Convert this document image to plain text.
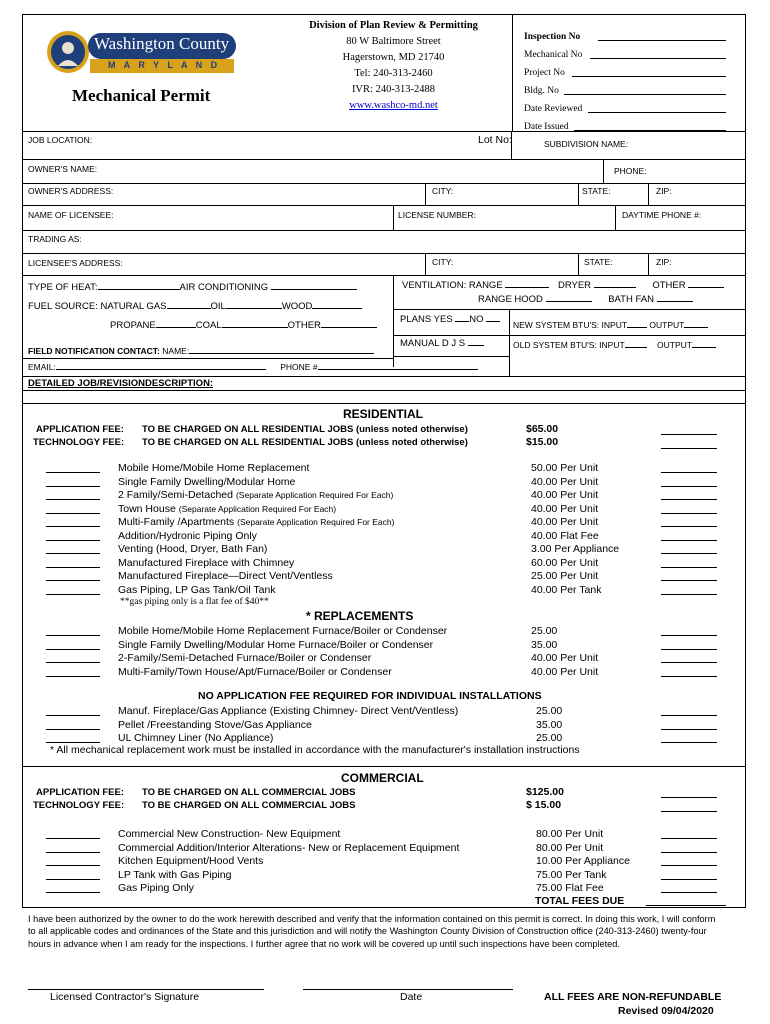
Washington County
M A R Y L A N D
Mechanical Permit
Division of Plan Review & Permitting
80 W Baltimore Street
Hagerstown, MD 21740
Tel: 240-313-2460
IVR: 240-313-2488
www.washco-md.net
Inspection No
Mechanical No
Project No
Bldg. No
Date Reviewed
Date Issued
JOB LOCATION:	Lot No:	SUBDIVISION NAME:
OWNER'S NAME:	PHONE:
OWNER'S ADDRESS:	CITY:	STATE:	ZIP:
NAME OF LICENSEE:	LICENSE NUMBER:	DAYTIME PHONE #:
TRADING AS:
LICENSEE'S ADDRESS:	CITY:	STATE:	ZIP:
TYPE OF HEAT:	AIR CONDITIONING
FUEL SOURCE: NATURAL GAS	OIL	WOOD
PROPANE	COAL	OTHER
VENTILATION: RANGE	DRYER	OTHER
RANGE HOOD	BATH FAN
PLANS YES NO	NEW SYSTEM BTU'S: INPUT	OUTPUT
MANUAL D J S	OLD SYSTEM BTU'S: INPUT	OUTPUT
FIELD NOTIFICATION CONTACT: NAME:
EMAIL:	PHONE #
DETAILED JOB/REVISIONDESCRIPTION:
RESIDENTIAL
APPLICATION FEE: TO BE CHARGED ON ALL RESIDENTIAL JOBS (unless noted otherwise)	$65.00
TECHNOLOGY FEE: TO BE CHARGED ON ALL RESIDENTIAL JOBS (unless noted otherwise)	$15.00
Mobile Home/Mobile Home Replacement	50.00 Per Unit
Single Family Dwelling/Modular Home	40.00 Per Unit
2 Family/Semi-Detached (Separate Application Required For Each)	40.00 Per Unit
Town House (Separate Application Required For Each)	40.00 Per Unit
Multi-Family /Apartments (Separate Application Required For Each)	40.00 Per Unit
Addition/Hydronic Piping Only	40.00 Flat Fee
Venting (Hood, Dryer, Bath Fan)	3.00 Per Appliance
Manufactured Fireplace with Chimney	60.00 Per Unit
Manufactured Fireplace—Direct Vent/Ventless	25.00 Per Unit
Gas Piping, LP Gas Tank/Oil Tank	40.00 Per Tank
**gas piping only is a flat fee of $40**
* REPLACEMENTS
Mobile Home/Mobile Home Replacement Furnace/Boiler or Condenser	25.00
Single Family Dwelling/Modular Home Furnace/Boiler or Condenser	35.00
2-Family/Semi-Detached Furnace/Boiler or Condenser	40.00 Per Unit
Multi-Family/Town House/Apt/Furnace/Boiler or Condenser	40.00 Per Unit
NO APPLICATION FEE REQUIRED FOR INDIVIDUAL INSTALLATIONS
Manuf. Fireplace/Gas Appliance (Existing Chimney- Direct Vent/Ventless)	25.00
Pellet /Freestanding Stove/Gas Appliance	35.00
UL Chimney Liner (No Appliance)	25.00
* All mechanical replacement work must be installed in accordance with the manufacturer's installation instructions
COMMERCIAL
APPLICATION FEE: TO BE CHARGED ON ALL COMMERCIAL JOBS	$125.00
TECHNOLOGY FEE: TO BE CHARGED ON ALL COMMERCIAL JOBS	$ 15.00
Commercial New Construction- New Equipment	80.00 Per Unit
Commercial Addition/Interior Alterations- New or Replacement Equipment	80.00 Per Unit
Kitchen Equipment/Hood Vents	10.00 Per Appliance
LP Tank with Gas Piping	75.00 Per Tank
Gas Piping Only	75.00 Flat Fee
TOTAL FEES DUE
I have been authorized by the owner to do the work herewith described and verify that the information contained on this permit is correct. In doing this work, I will conform to all applicable codes and ordinances of the State and this jurisdiction and will notify the Washington County Division of Construction office (240-313-2460) twenty-four hours in advance when I am ready for the inspections. I further agree that no work will be covered up until such inspections have been completed.
Licensed Contractor's Signature	Date	ALL FEES ARE NON-REFUNDABLE
Revised 09/04/2020
